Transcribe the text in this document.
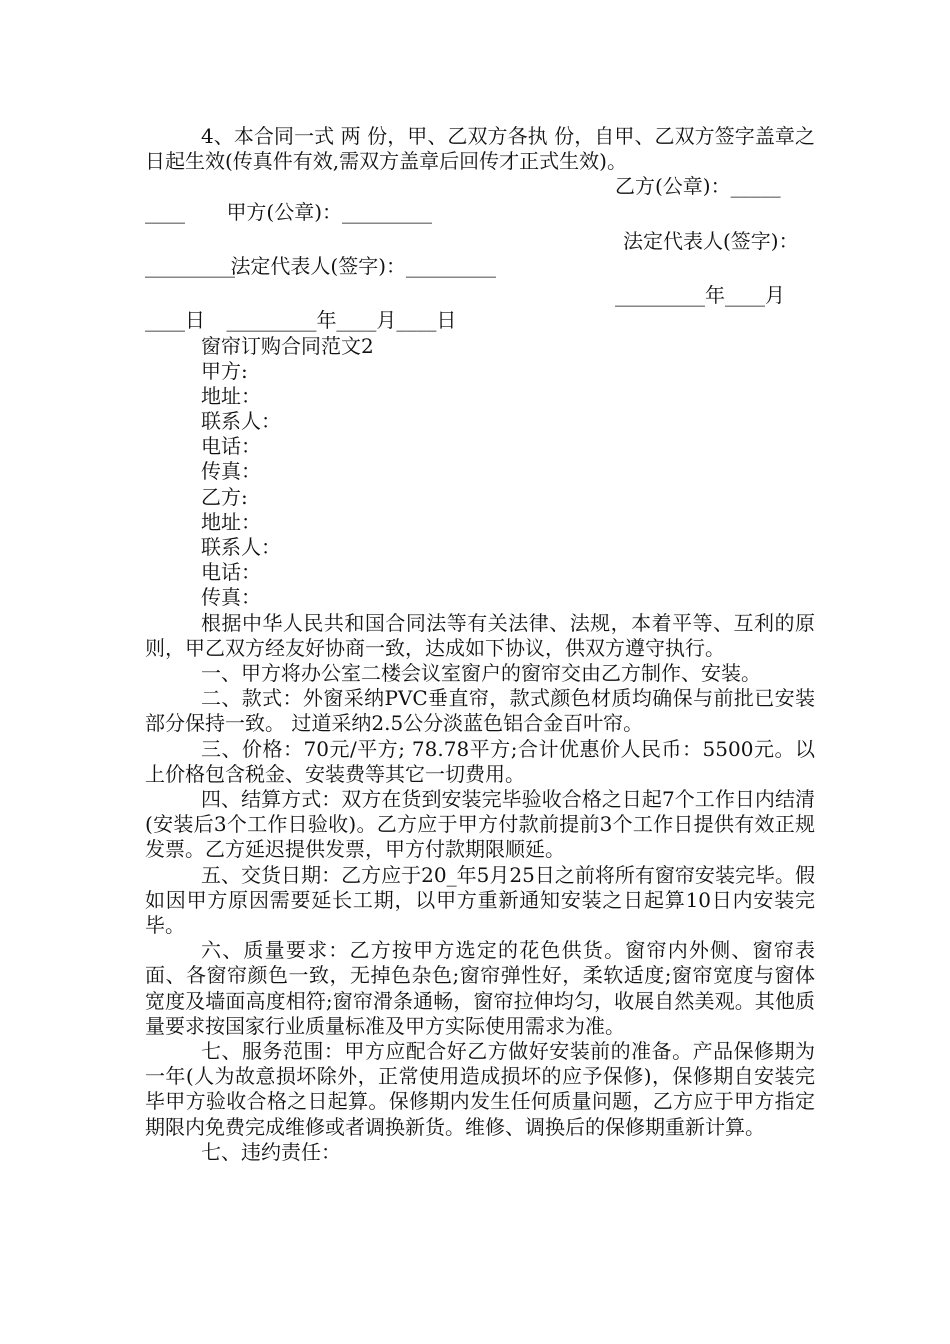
4、本合同一式 两 份，甲、乙双方各执 份，自甲、乙双方签字盖章之日起生效(传真件有效,需双方盖章后回传才正式生效)。

甲方(公章)：_________

乙方(公章)：_____

____

法定代表人(签字)：_________

法定代表人(签字)：

_________

_________年____月____日

_________年____月

____日
窗帘订购合同范文2
甲方:
地址：
联系人：
电话：
传真：
乙方:
地址：
联系人：
电话：
传真：

根据中华人民共和国合同法等有关法律、法规，本着平等、互利的原则，甲乙双方经友好协商一致，达成如下协议，供双方遵守执行。

一、甲方将办公室二楼会议室窗户的窗帘交由乙方制作、安装。

二、款式：外窗采纳PVC垂直帘，款式颜色材质均确保与前批已安装部分保持一致。 过道采纳2.5公分淡蓝色铝合金百叶帘。

三、价格：70元/平方; 78.78平方;合计优惠价人民币：5500元。以上价格包含税金、安装费等其它一切费用。

四、结算方式：双方在货到安装完毕验收合格之日起7个工作日内结清(安装后3个工作日验收)。乙方应于甲方付款前提前3个工作日提供有效正规发票。乙方延迟提供发票，甲方付款期限顺延。

五、交货日期：乙方应于20_年5月25日之前将所有窗帘安装完毕。假如因甲方原因需要延长工期，以甲方重新通知安装之日起算10日内安装完毕。

六、质量要求：乙方按甲方选定的花色供货。窗帘内外侧、窗帘表面、各窗帘颜色一致，无掉色杂色;窗帘弹性好，柔软适度;窗帘宽度与窗体宽度及墙面高度相符;窗帘滑条通畅，窗帘拉伸均匀，收展自然美观。其他质量要求按国家行业质量标准及甲方实际使用需求为准。

七、服务范围：甲方应配合好乙方做好安装前的准备。产品保修期为一年(人为故意损坏除外，正常使用造成损坏的应予保修)，保修期自安装完毕甲方验收合格之日起算。保修期内发生任何质量问题，乙方应于甲方指定期限内免费完成维修或者调换新货。维修、调换后的保修期重新计算。

七、违约责任：
